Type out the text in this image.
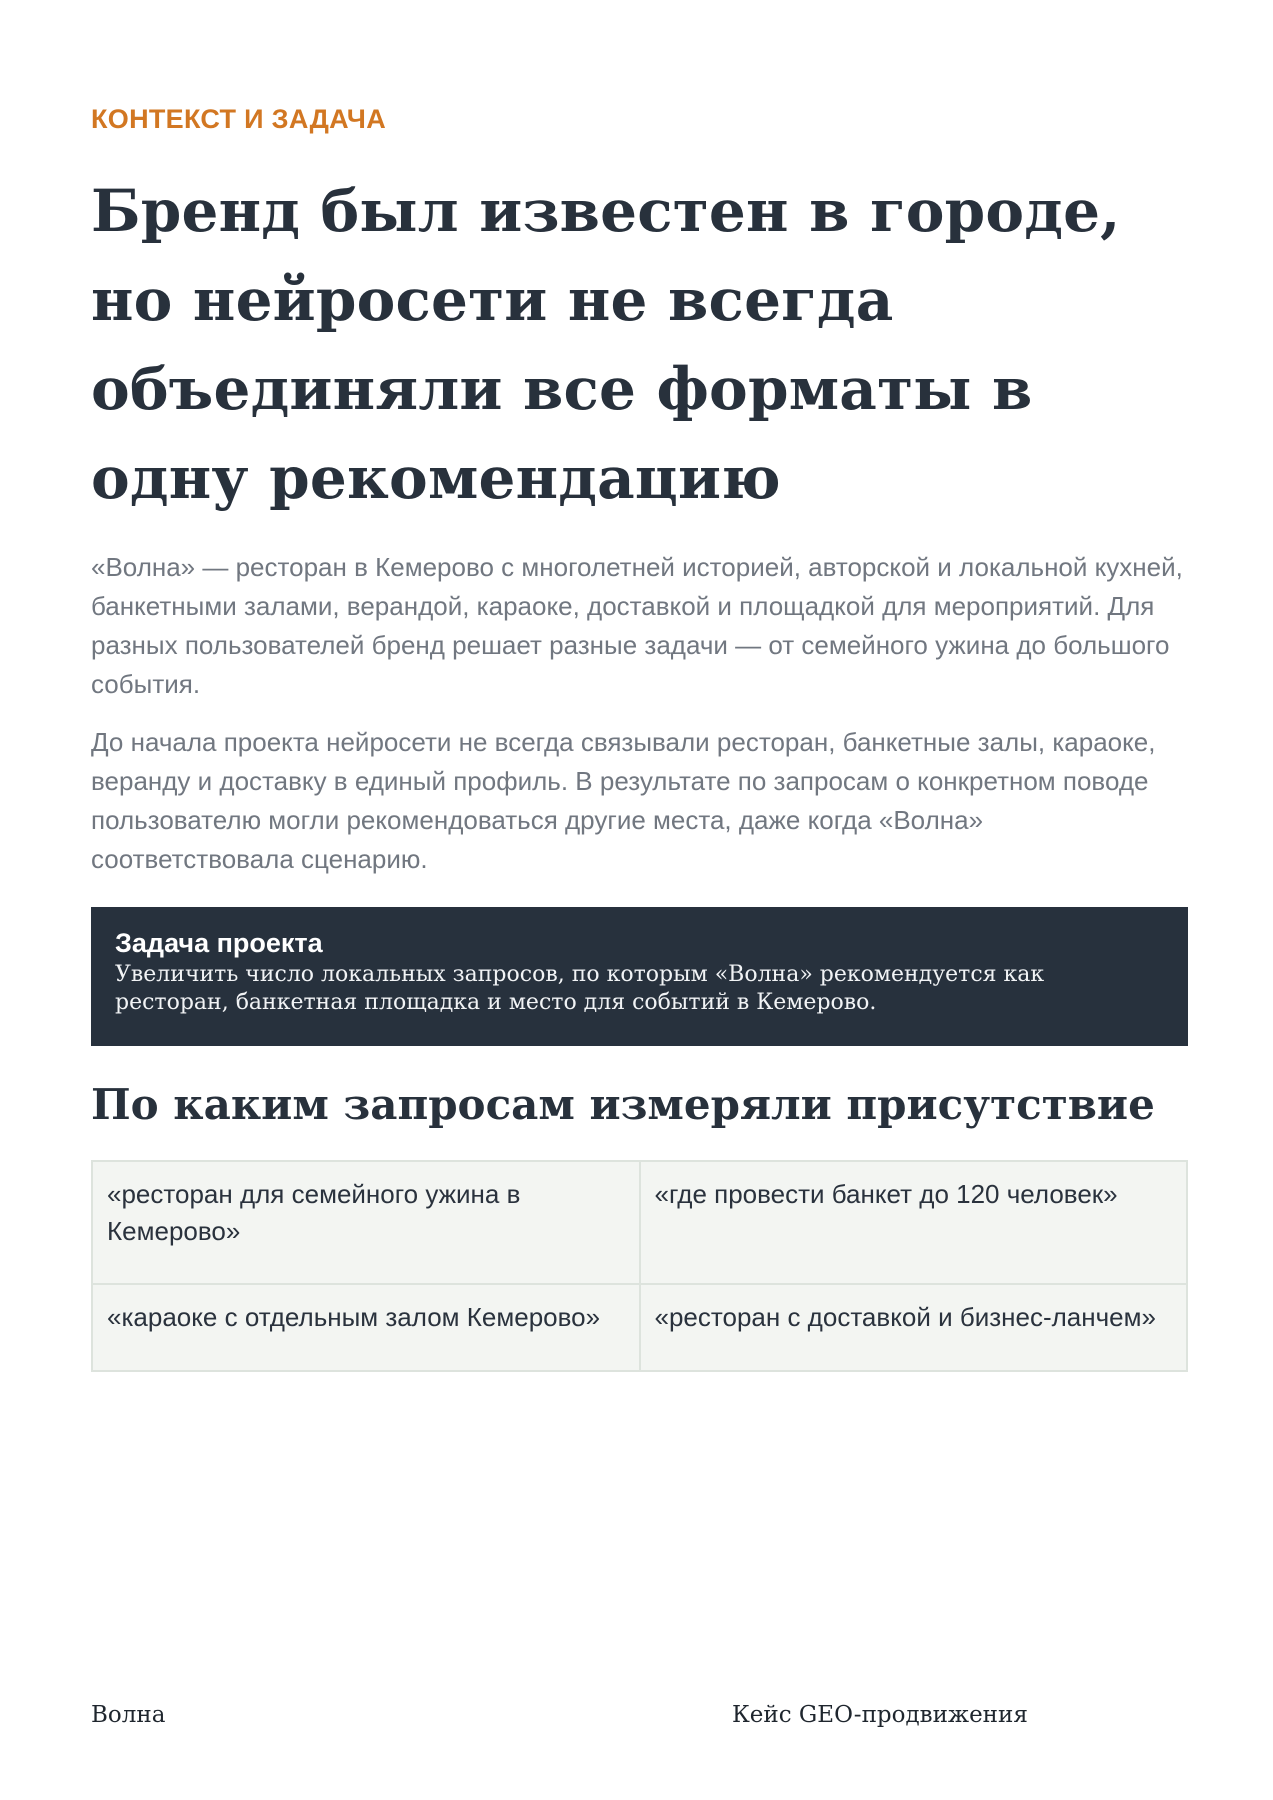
КОНТЕКСТ И ЗАДАЧА
Бренд был известен в городе, но нейросети не всегда объединяли все форматы в одну рекомендацию

«Волна» — ресторан в Кемерово с многолетней историей, авторской и локальной кухней, банкетными залами, верандой, караоке, доставкой и площадкой для мероприятий. Для разных пользователей бренд решает разные задачи — от семейного ужина до большого события.

До начала проекта нейросети не всегда связывали ресторан, банкетные залы, караоке, веранду и доставку в единый профиль. В результате по запросам о конкретном поводе пользователю могли рекомендоваться другие места, даже когда «Волна» соответствовала сценарию.

Задача проекта
Увеличить число локальных запросов, по которым «Волна» рекомендуется как ресторан, банкетная площадка и место для событий в Кемерово.
По каким запросам измеряли присутствие
«ресторан для семейного ужина в Кемерово»	«где провести банкет до 120 человек»
«караоке с отдельным залом Кемерово»	«ресторан с доставкой и бизнес-ланчем»
Волна	Кейс GEO-продвижения
